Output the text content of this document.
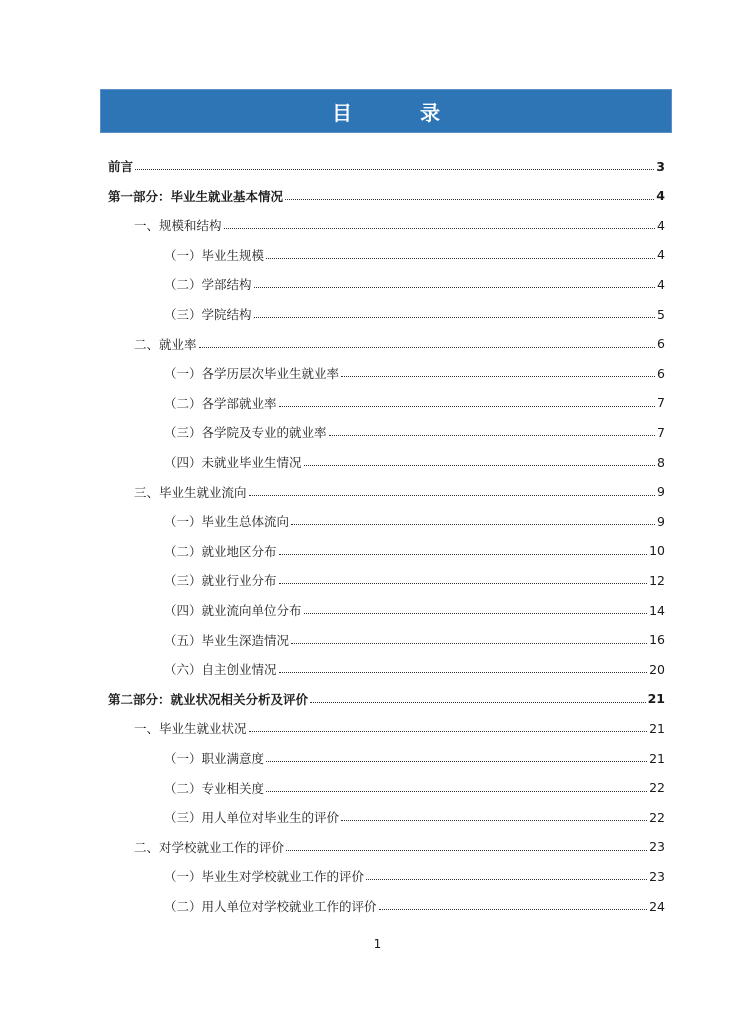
目　录
前言	3
第一部分：毕业生就业基本情况	4
一、规模和结构	4
（一）毕业生规模	4
（二）学部结构	4
（三）学院结构	5
二、就业率	6
（一）各学历层次毕业生就业率	6
（二）各学部就业率	7
（三）各学院及专业的就业率	7
（四）未就业毕业生情况	8
三、毕业生就业流向	9
（一）毕业生总体流向	9
（二）就业地区分布	10
（三）就业行业分布	12
（四）就业流向单位分布	14
（五）毕业生深造情况	16
（六）自主创业情况	20
第二部分：就业状况相关分析及评价	21
一、毕业生就业状况	21
（一）职业满意度	21
（二）专业相关度	22
（三）用人单位对毕业生的评价	22
二、对学校就业工作的评价	23
（一）毕业生对学校就业工作的评价	23
（二）用人单位对学校就业工作的评价	24
1
